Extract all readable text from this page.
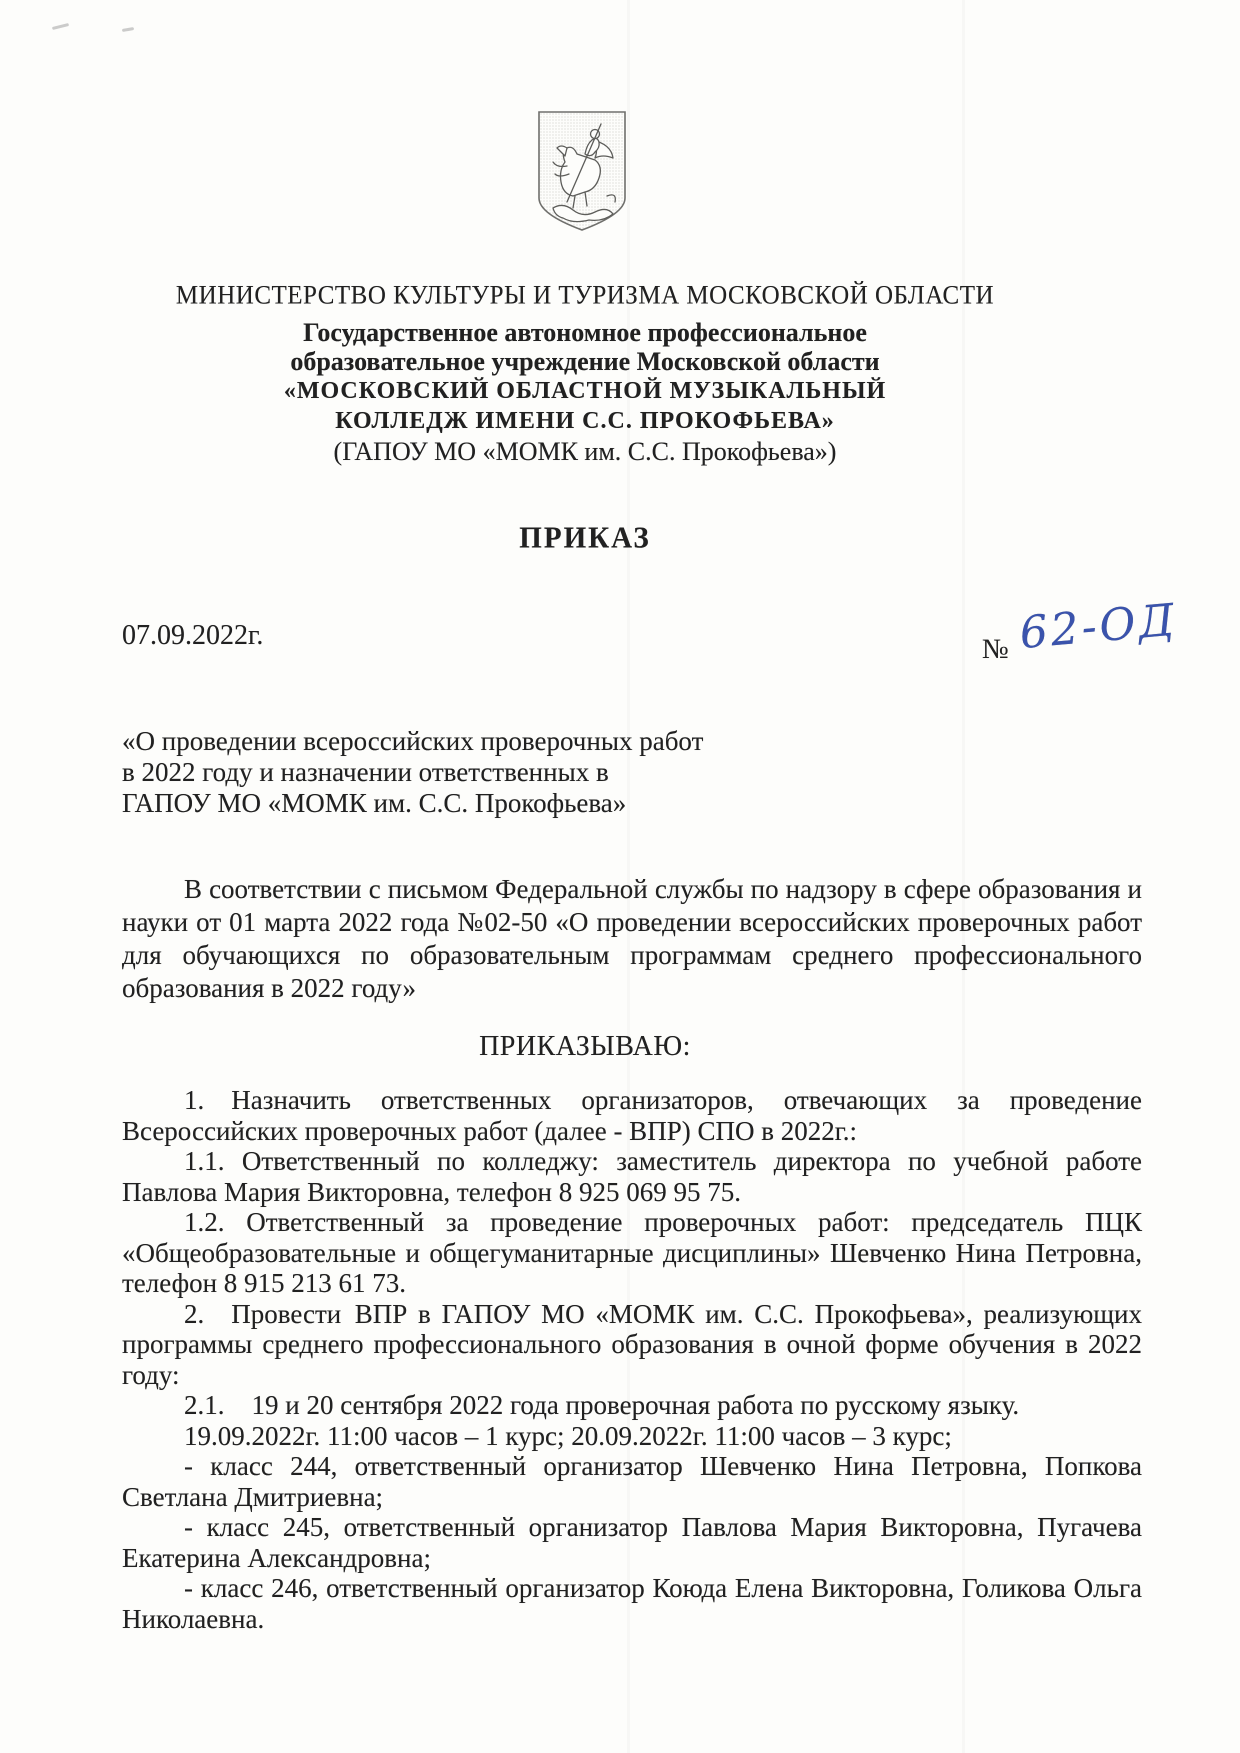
МИНИСТЕРСТВО КУЛЬТУРЫ И ТУРИЗМА МОСКОВСКОЙ ОБЛАСТИ
Государственное автономное профессиональное
образовательное учреждение Московской области
«МОСКОВСКИЙ ОБЛАСТНОЙ МУЗЫКАЛЬНЫЙ
КОЛЛЕДЖ ИМЕНИ С.С. ПРОКОФЬЕВА»
(ГАПОУ МО «МОМК им. С.С. Прокофьева»)
ПРИКАЗ
07.09.2022г.	№ 62-ОД
«О проведении всероссийских проверочных работ
в 2022 году и назначении ответственных в
ГАПОУ МО «МОМК им. С.С. Прокофьева»
В соответствии с письмом Федеральной службы по надзору в сфере образования и науки от 01 марта 2022 года №02-50 «О проведении всероссийских проверочных работ для обучающихся по образовательным программам среднего профессионального образования в 2022 году»
ПРИКАЗЫВАЮ:

1. Назначить ответственных организаторов, отвечающих за проведение Всероссийских проверочных работ (далее - ВПР) СПО в 2022г.:

1.1. Ответственный по колледжу: заместитель директора по учебной работе Павлова Мария Викторовна, телефон 8 925 069 95 75.

1.2. Ответственный за проведение проверочных работ: председатель ПЦК «Общеобразовательные и общегуманитарные дисциплины» Шевченко Нина Петровна, телефон 8 915 213 61 73.

2. Провести ВПР в ГАПОУ МО «МОМК им. С.С. Прокофьева», реализующих программы среднего профессионального образования в очной форме обучения в 2022 году:

2.1. 19 и 20 сентября 2022 года проверочная работа по русскому языку.

19.09.2022г. 11:00 часов – 1 курс; 20.09.2022г. 11:00 часов – 3 курс;

- класс 244, ответственный организатор Шевченко Нина Петровна, Попкова Светлана Дмитриевна;

- класс 245, ответственный организатор Павлова Мария Викторовна, Пугачева Екатерина Александровна;

- класс 246, ответственный организатор Коюда Елена Викторовна, Голикова Ольга Николаевна.
